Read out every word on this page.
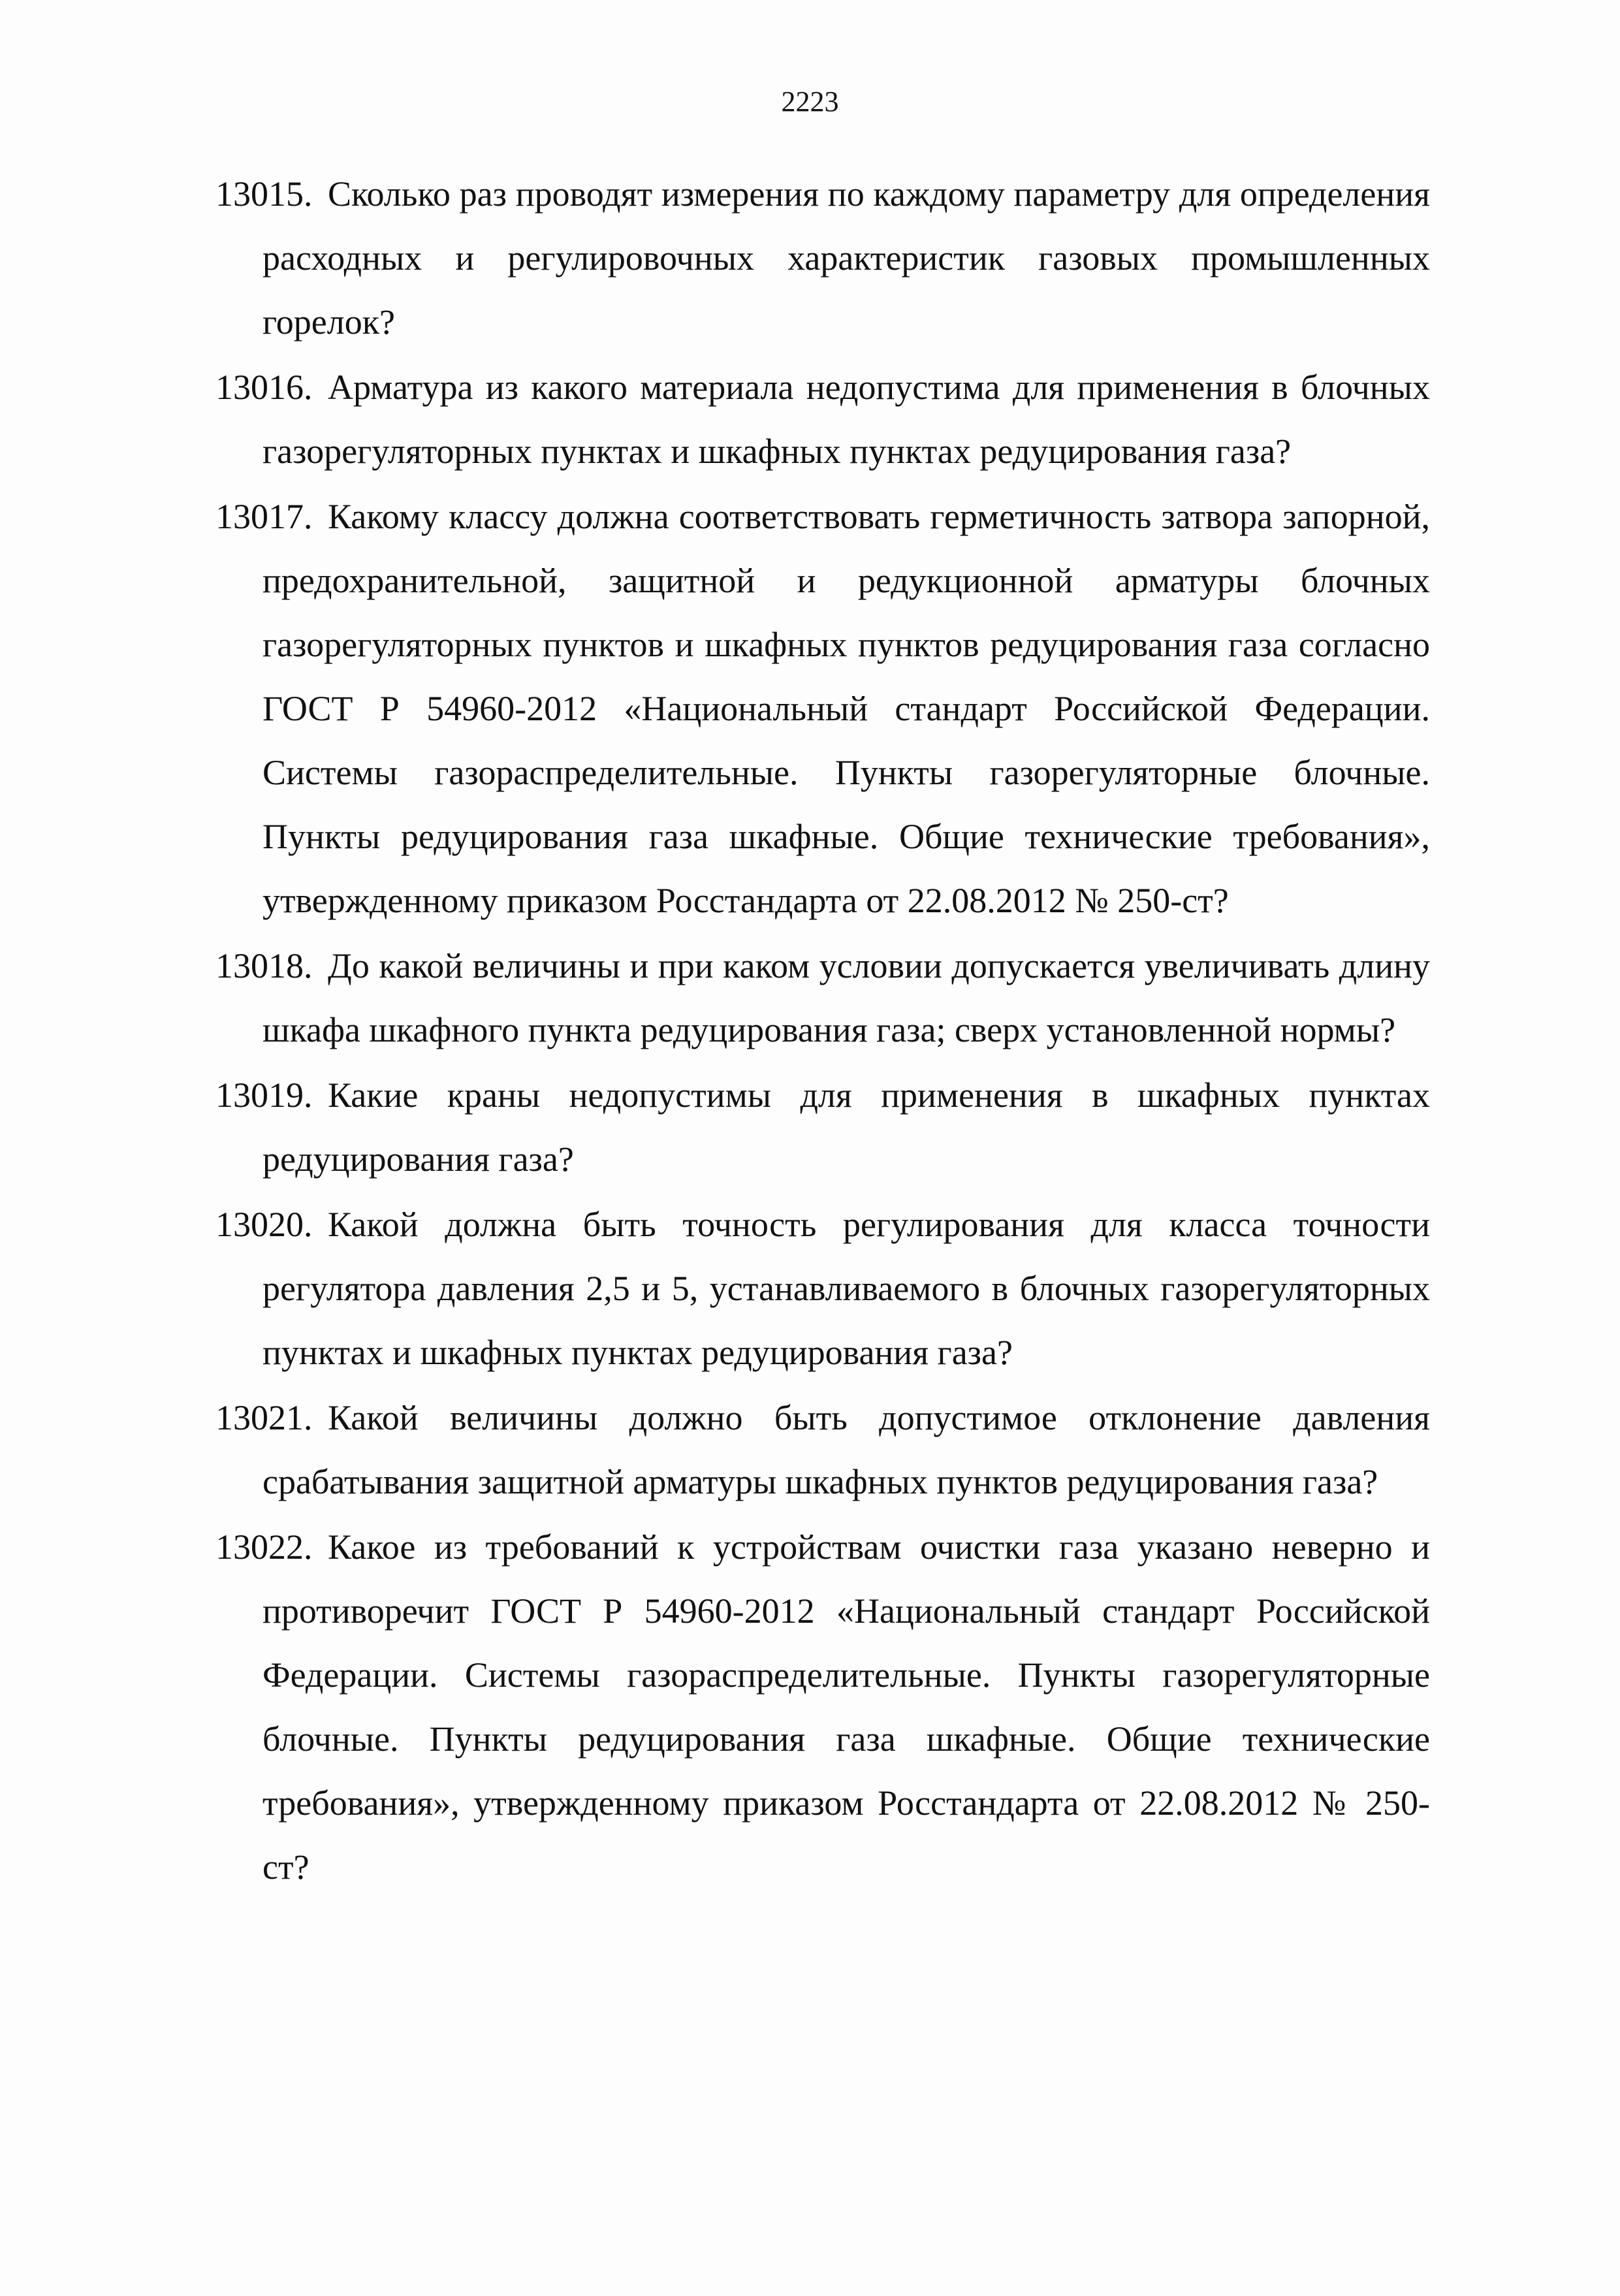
2223
13015. Сколько раз проводят измерения по каждому параметру для определения расходных и регулировочных характеристик газовых промышленных горелок?

13016. Арматура из какого материала недопустима для применения в блочных газорегуляторных пунктах и шкафных пунктах редуцирования газа?

13017. Какому классу должна соответствовать герметичность затвора запорной, предохранительной, защитной и редукционной арматуры блочных газорегуляторных пунктов и шкафных пунктов редуцирования газа согласно ГОСТ Р 54960-2012 «Национальный стандарт Российской Федерации. Системы газораспределительные. Пункты газорегуляторные блочные. Пункты редуцирования газа шкафные. Общие технические требования», утвержденному приказом Росстандарта от 22.08.2012 № 250-ст?

13018. До какой величины и при каком условии допускается увеличивать длину шкафа шкафного пункта редуцирования газа; сверх установленной нормы?

13019. Какие краны недопустимы для применения в шкафных пунктах редуцирования газа?

13020. Какой должна быть точность регулирования для класса точности регулятора давления 2,5 и 5, устанавливаемого в блочных газорегуляторных пунктах и шкафных пунктах редуцирования газа?

13021. Какой величины должно быть допустимое отклонение давления срабатывания защитной арматуры шкафных пунктов редуцирования газа?

13022. Какое из требований к устройствам очистки газа указано неверно и противоречит ГОСТ Р 54960-2012 «Национальный стандарт Российской Федерации. Системы газораспределительные. Пункты газорегуляторные блочные. Пункты редуцирования газа шкафные. Общие технические требования», утвержденному приказом Росстандарта от 22.08.2012 № 250-ст?
